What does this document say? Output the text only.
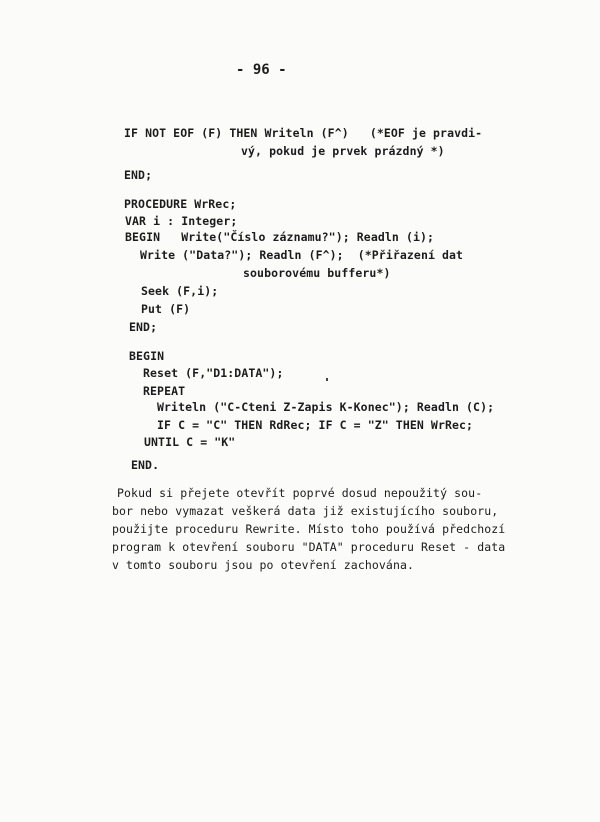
- 96 -
IF NOT EOF (F) THEN Writeln (F^)   (*EOF je pravdi-
vý, pokud je prvek prázdný *)
END;
PROCEDURE WrRec;
VAR i : Integer;
BEGIN   Write("Číslo záznamu?"); Readln (i);
Write ("Data?"); Readln (F^);  (*Přiřazení dat
souborovému bufferu*)
Seek (F,i);
Put (F)
END;
BEGIN
Reset (F,"D1:DATA");
REPEAT
Writeln ("C-Cteni Z-Zapis K-Konec"); Readln (C);
IF C = "C" THEN RdRec; IF C = "Z" THEN WrRec;
UNTIL C = "K"
END.
Pokud si přejete otevřít poprvé dosud nepoužitý sou-
bor nebo vymazat veškerá data již existujícího souboru,
použijte proceduru Rewrite. Místo toho používá předchozí
program k otevření souboru "DATA" proceduru Reset - data
v tomto souboru jsou po otevření zachována.
